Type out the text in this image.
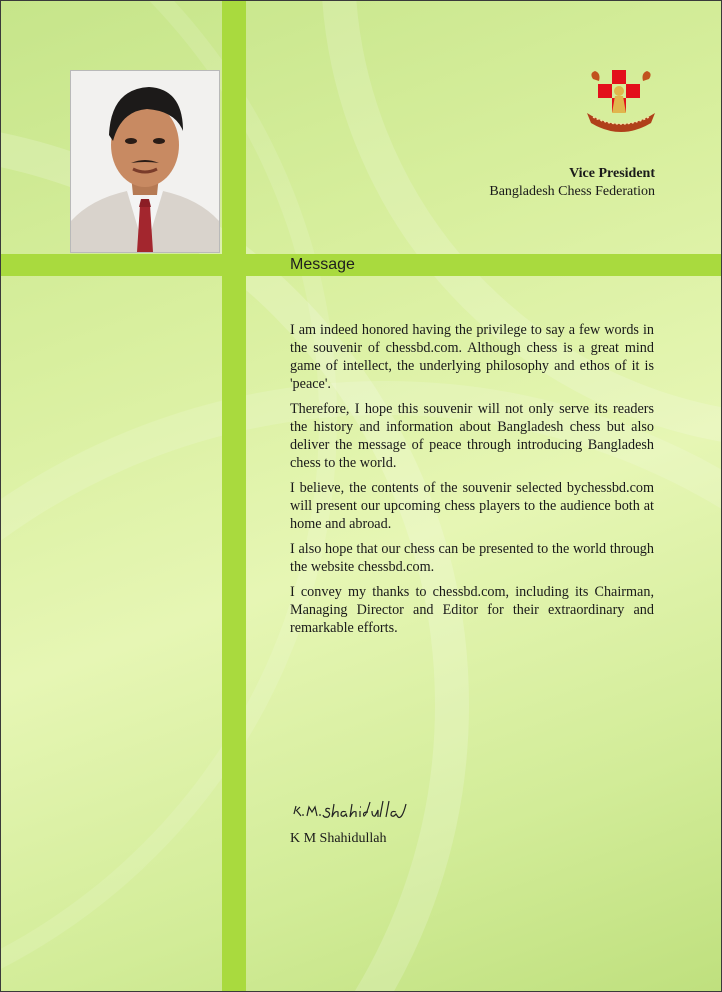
Message
Vice President
Bangladesh Chess Federation

I am indeed honored having the privilege to say a few words in the souvenir of chessbd.com. Although chess is a great mind game of intellect, the underlying philosophy and ethos of it is 'peace'.

Therefore, I hope this souvenir will not only serve its readers the history and information about Bangladesh chess but also deliver the message of peace through introducing Bangladesh chess to the world.

I believe, the contents of the souvenir selected bychessbd.com will present our upcoming chess players to the audience both at home and abroad.

I also hope that our chess can be presented to the world through the website chessbd.com.

I convey my thanks to chessbd.com, including its Chairman, Managing Director and Editor for their extraordinary and remarkable efforts.

K M Shahidullah
